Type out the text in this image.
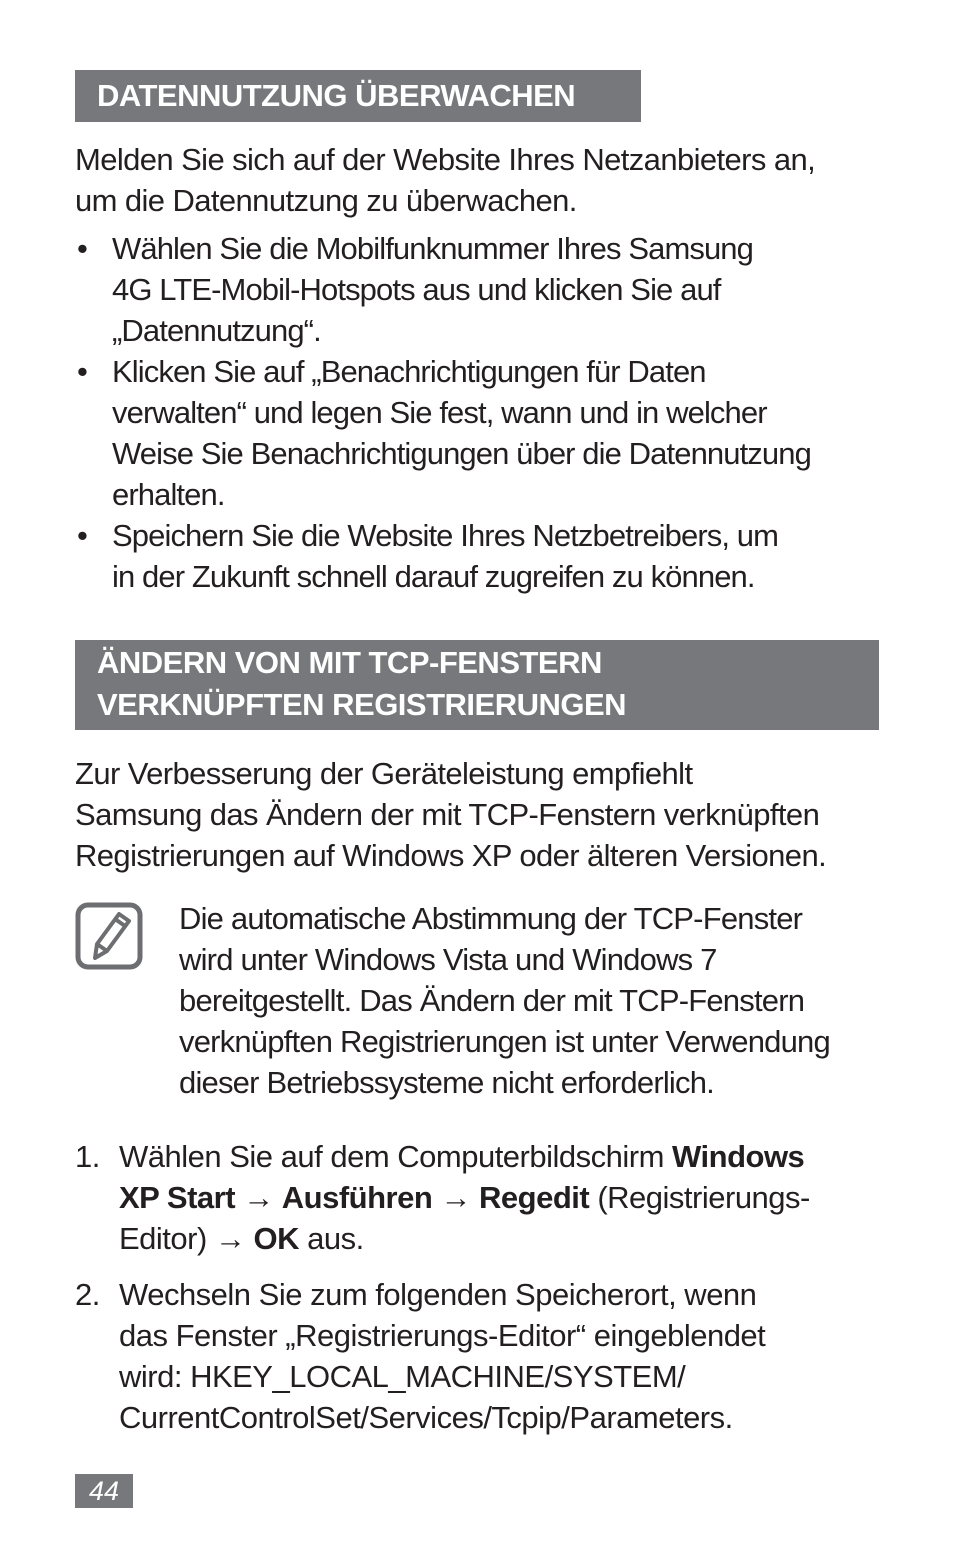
DATENNUTZUNG ÜBERWACHEN

Melden Sie sich auf der Website Ihres Netzanbieters an,
um die Datennutzung zu überwachen.

• Wählen Sie die Mobilfunknummer Ihres Samsung
4G LTE-Mobil-Hotspots aus und klicken Sie auf
„Datennutzung“.
• Klicken Sie auf „Benachrichtigungen für Daten
verwalten“ und legen Sie fest, wann und in welcher
Weise Sie Benachrichtigungen über die Datennutzung
erhalten.
• Speichern Sie die Website Ihres Netzbetreibers, um
in der Zukunft schnell darauf zugreifen zu können.
ÄNDERN VON MIT TCP-FENSTERN
VERKNÜPFTEN REGISTRIERUNGEN

Zur Verbesserung der Geräteleistung empfiehlt
Samsung das Ändern der mit TCP-Fenstern verknüpften
Registrierungen auf Windows XP oder älteren Versionen.

Die automatische Abstimmung der TCP-Fenster
wird unter Windows Vista und Windows 7
bereitgestellt. Das Ändern der mit TCP-Fenstern
verknüpften Registrierungen ist unter Verwendung
dieser Betriebssysteme nicht erforderlich.
1. Wählen Sie auf dem Computerbildschirm Windows
XP Start → Ausführen → Regedit (Registrierungs-
Editor) → OK aus.
2. Wechseln Sie zum folgenden Speicherort, wenn
das Fenster „Registrierungs-Editor“ eingeblendet
wird: HKEY_LOCAL_MACHINE/SYSTEM/
CurrentControlSet/Services/Tcpip/Parameters.
44
